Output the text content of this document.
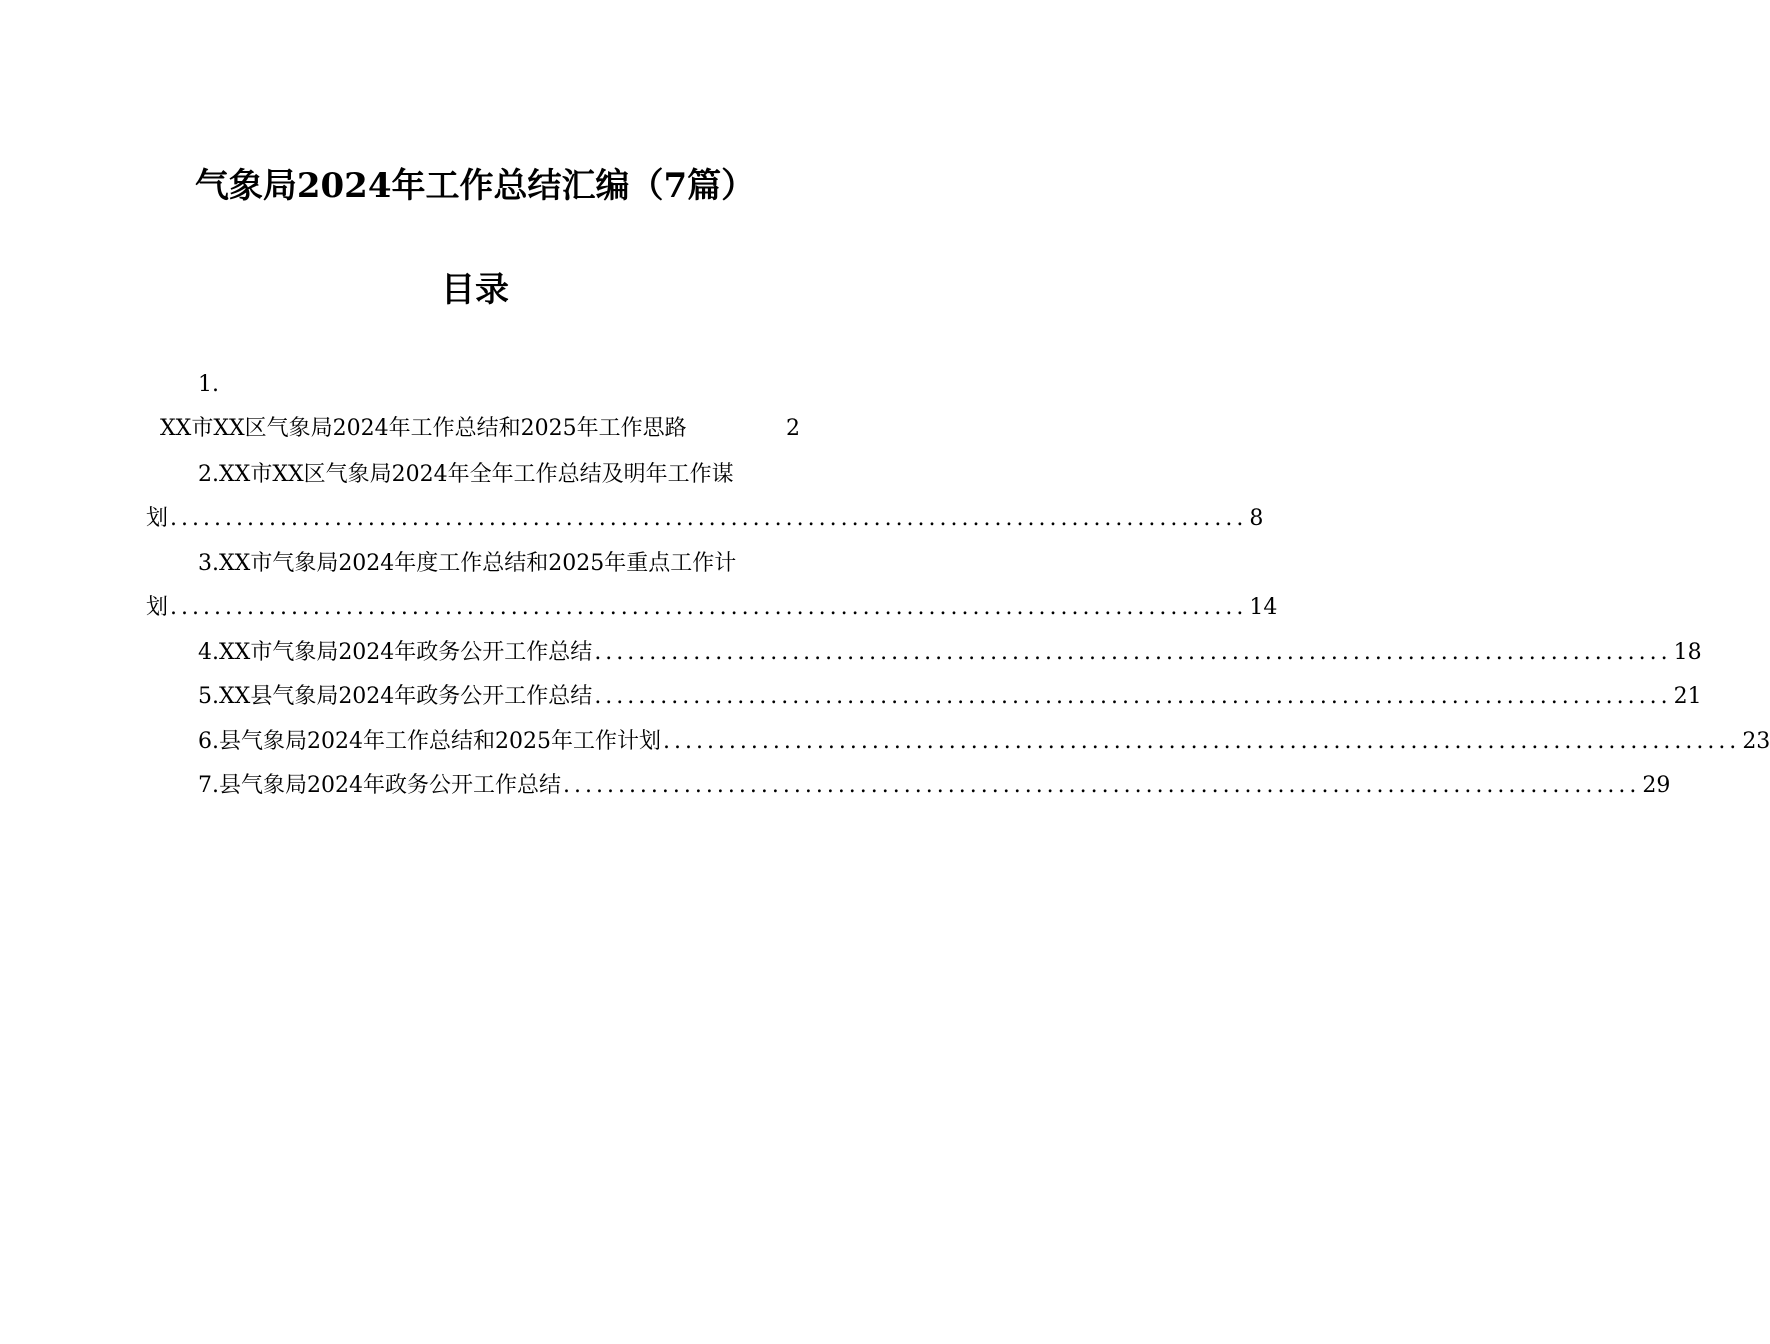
气象局2024年工作总结汇编（7篇）
目录
1.
XX市XX区气象局2024年工作总结和2025年工作思路	2
2.XX市XX区气象局2024年全年工作总结及明年工作谋
划 .................................................................................................. 8
3.XX市气象局2024年度工作总结和2025年重点工作计
划 .................................................................................................. 14
4.XX市气象局2024年政务公开工作总结 .................................................................................................. 18
5.XX县气象局2024年政务公开工作总结 .................................................................................................. 21
6.县气象局2024年工作总结和2025年工作计划 .................................................................................................. 23
7.县气象局2024年政务公开工作总结 .................................................................................................. 29
